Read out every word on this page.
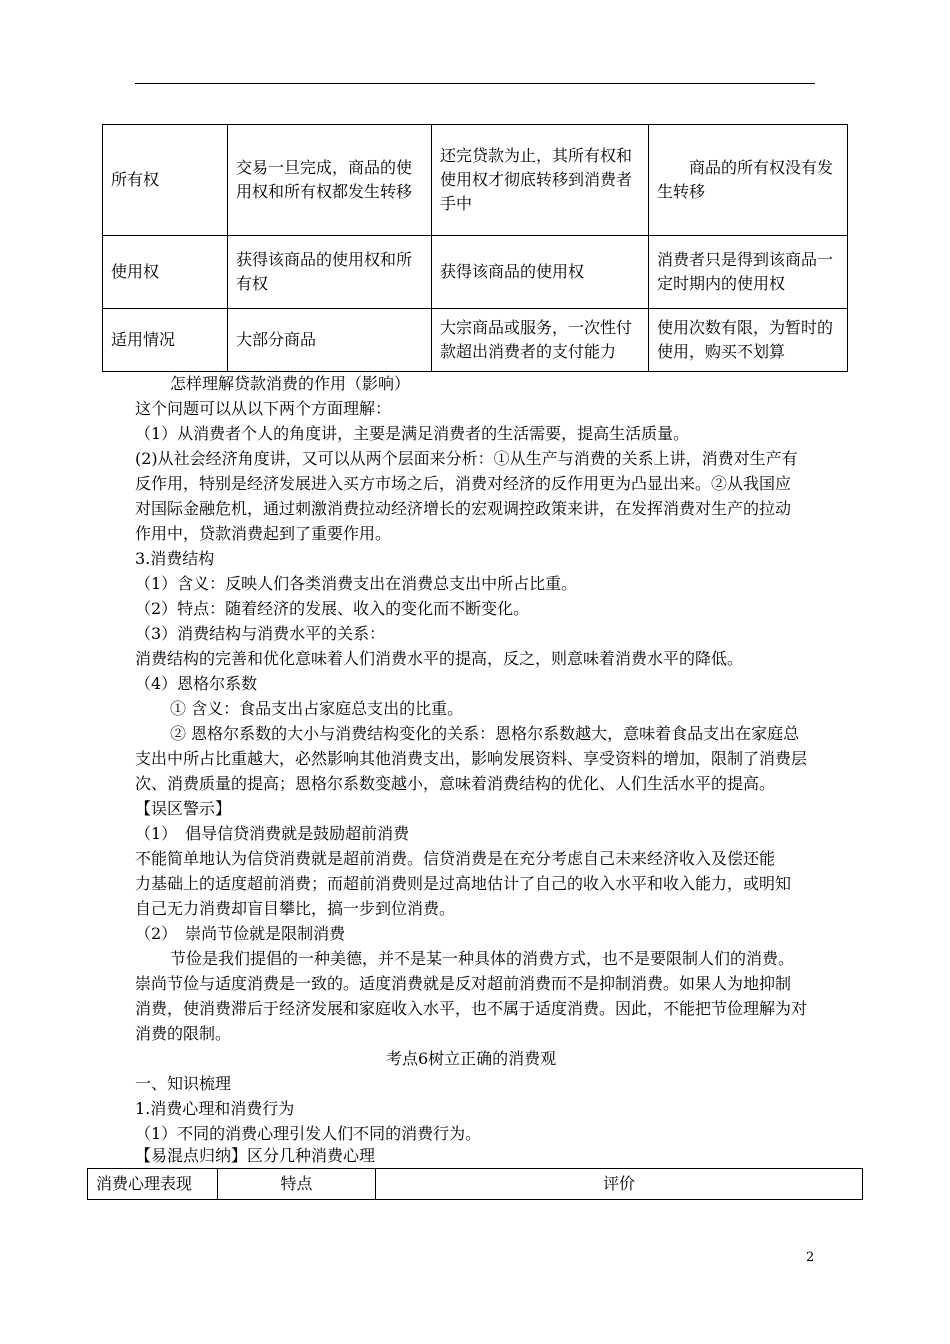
所有权	交易一旦完成，商品的使用权和所有权都发生转移	还完贷款为止，其所有权和使用权才彻底转移到消费者手中	商品的所有权没有发生转移
使用权	获得该商品的使用权和所有权	获得该商品的使用权	消费者只是得到该商品一定时期内的使用权
适用情况	大部分商品	大宗商品或服务，一次性付款超出消费者的支付能力	使用次数有限，为暂时的使用，购买不划算
怎样理解贷款消费的作用（影响）
这个问题可以从以下两个方面理解：
（1）从消费者个人的角度讲，主要是满足消费者的生活需要，提高生活质量。
(2)从社会经济角度讲，又可以从两个层面来分析：①从生产与消费的关系上讲，消费对生产有
反作用，特别是经济发展进入买方市场之后，消费对经济的反作用更为凸显出来。②从我国应
对国际金融危机，通过刺激消费拉动经济增长的宏观调控政策来讲，在发挥消费对生产的拉动
作用中，贷款消费起到了重要作用。
3.消费结构
（1）含义：反映人们各类消费支出在消费总支出中所占比重。
（2）特点：随着经济的发展、收入的变化而不断变化。
（3）消费结构与消费水平的关系：
消费结构的完善和优化意味着人们消费水平的提高，反之，则意味着消费水平的降低。
（4）恩格尔系数
① 含义：食品支出占家庭总支出的比重。
② 恩格尔系数的大小与消费结构变化的关系：恩格尔系数越大，意味着食品支出在家庭总
支出中所占比重越大，必然影响其他消费支出，影响发展资料、享受资料的增加，限制了消费层
次、消费质量的提高；恩格尔系数变越小，意味着消费结构的优化、人们生活水平的提高。
【误区警示】
（1）　倡导信贷消费就是鼓励超前消费
不能简单地认为信贷消费就是超前消费。信贷消费是在充分考虑自己未来经济收入及偿还能
力基础上的适度超前消费；而超前消费则是过高地估计了自己的收入水平和收入能力，或明知
自己无力消费却盲目攀比，搞一步到位消费。
（2）　崇尚节俭就是限制消费
节俭是我们提倡的一种美德，并不是某一种具体的消费方式，也不是要限制人们的消费。
崇尚节俭与适度消费是一致的。适度消费就是反对超前消费而不是抑制消费。如果人为地抑制
消费，使消费滞后于经济发展和家庭收入水平，也不属于适度消费。因此，不能把节俭理解为对
消费的限制。
考点6树立正确的消费观
一、知识梳理
1.消费心理和消费行为
（1）不同的消费心理引发人们不同的消费行为。
【易混点归纳】区分几种消费心理
消费心理表现	特点	评价
2
